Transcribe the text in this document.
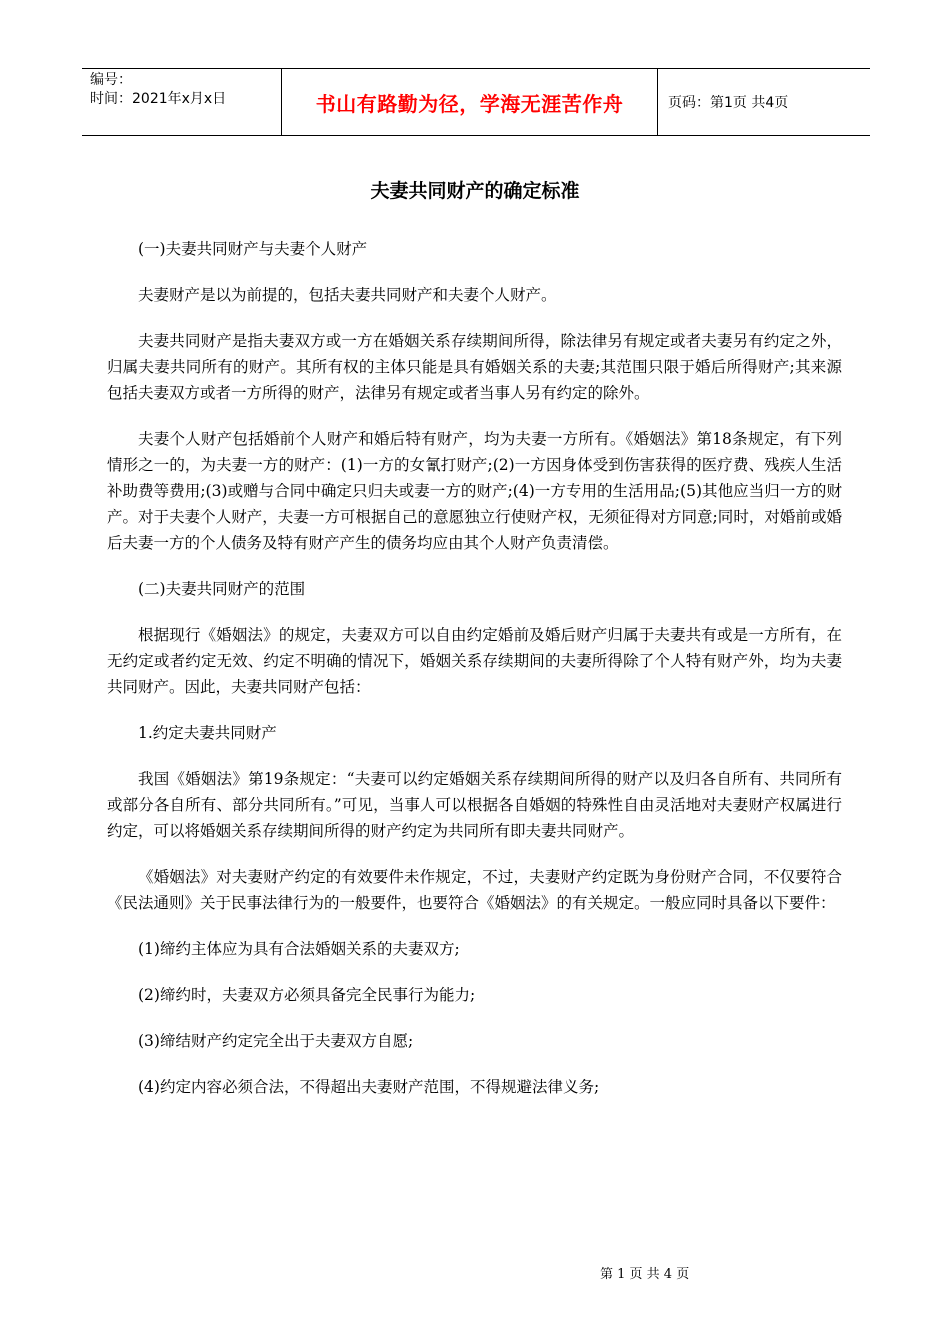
编号：
时间：2021年x月x日	书山有路勤为径，学海无涯苦作舟	页码：第1页 共4页
夫妻共同财产的确定标准

(一)夫妻共同财产与夫妻个人财产

夫妻财产是以为前提的，包括夫妻共同财产和夫妻个人财产。

夫妻共同财产是指夫妻双方或一方在婚姻关系存续期间所得，除法律另有规定或者夫妻另有约定之外，归属夫妻共同所有的财产。其所有权的主体只能是具有婚姻关系的夫妻;其范围只限于婚后所得财产;其来源包括夫妻双方或者一方所得的财产，法律另有规定或者当事人另有约定的除外。

夫妻个人财产包括婚前个人财产和婚后特有财产，均为夫妻一方所有。《婚姻法》第18条规定，有下列情形之一的，为夫妻一方的财产：(1)一方的女氰打财产;(2)一方因身体受到伤害获得的医疗费、残疾人生活补助费等费用;(3)或赠与合同中确定只归夫或妻一方的财产;(4)一方专用的生活用品;(5)其他应当归一方的财产。对于夫妻个人财产，夫妻一方可根据自己的意愿独立行使财产权，无须征得对方同意;同时，对婚前或婚后夫妻一方的个人债务及特有财产产生的债务均应由其个人财产负责清偿。

(二)夫妻共同财产的范围

根据现行《婚姻法》的规定，夫妻双方可以自由约定婚前及婚后财产归属于夫妻共有或是一方所有，在无约定或者约定无效、约定不明确的情况下，婚姻关系存续期间的夫妻所得除了个人特有财产外，均为夫妻共同财产。因此，夫妻共同财产包括：

1.约定夫妻共同财产

我国《婚姻法》第19条规定：“夫妻可以约定婚姻关系存续期间所得的财产以及归各自所有、共同所有或部分各自所有、部分共同所有。”可见，当事人可以根据各自婚姻的特殊性自由灵活地对夫妻财产权属进行约定，可以将婚姻关系存续期间所得的财产约定为共同所有即夫妻共同财产。

《婚姻法》对夫妻财产约定的有效要件未作规定，不过，夫妻财产约定既为身份财产合同，不仅要符合《民法通则》关于民事法律行为的一般要件，也要符合《婚姻法》的有关规定。一般应同时具备以下要件：

(1)缔约主体应为具有合法婚姻关系的夫妻双方;

(2)缔约时，夫妻双方必须具备完全民事行为能力;

(3)缔结财产约定完全出于夫妻双方自愿;

(4)约定内容必须合法，不得超出夫妻财产范围，不得规避法律义务;

第 1 页 共 4 页
